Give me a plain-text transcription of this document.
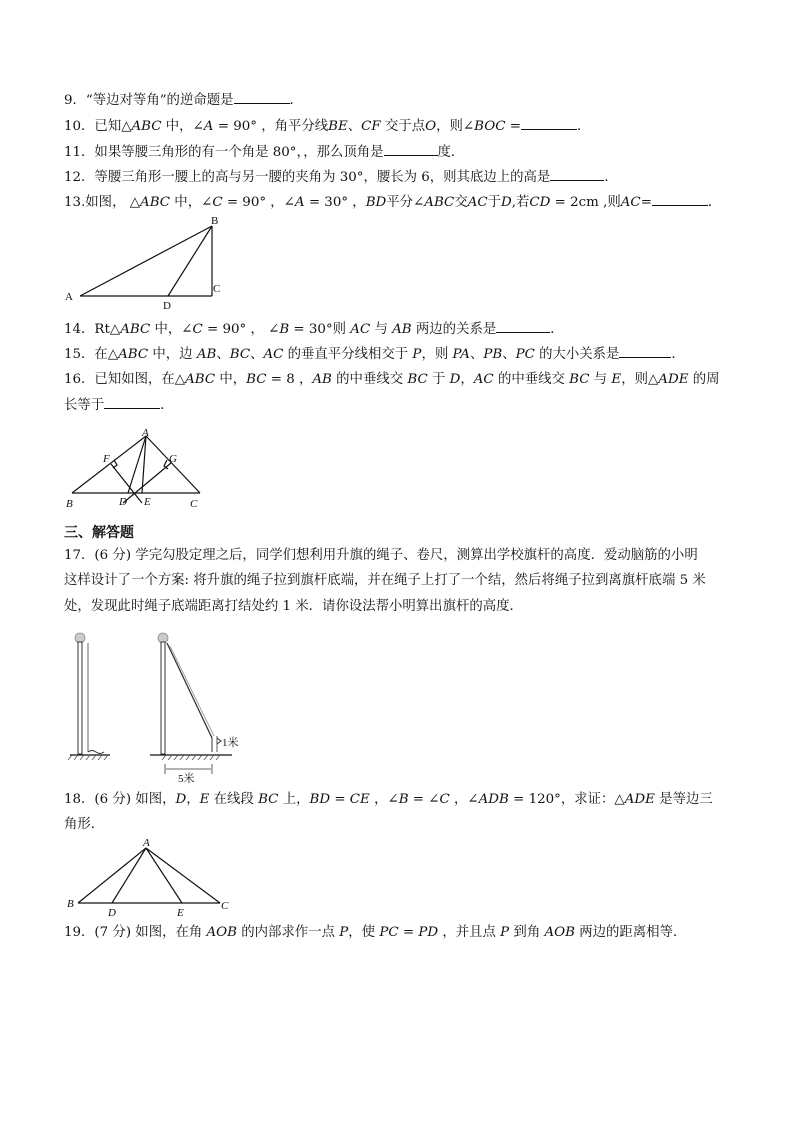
9．“等边对等角”的逆命题是	．
10．已知△ABC 中，∠A = 90° ，角平分线BE、CF 交于点O，则∠BOC =	．
11．如果等腰三角形的有一个角是 80°，，那么顶角是	度．
12．等腰三角形一腰上的高与另一腰的夹角为 30°，腰长为 6，则其底边上的高是	．
13.如图， △ABC 中，∠C = 90° ，∠A = 30° ，BD平分∠ABC交AC于D,若CD = 2cm ,则AC=	．
A
B
C
D
14．Rt△ABC 中，∠C = 90° ， ∠B = 30°则 AC 与 AB 两边的关系是	．
15．在△ABC 中，边 AB、BC、AC 的垂直平分线相交于 P，则 PA、PB、PC 的大小关系是	．
16．已知如图，在△ABC 中，BC = 8 ，AB 的中垂线交 BC 于 D，AC 的中垂线交 BC 与 E，则△ADE 的周
长等于	．
A
B	C
D E
F	G
三、解答题
17．(6 分) 学完勾股定理之后，同学们想利用升旗的绳子、卷尺，测算出学校旗杆的高度．爱动脑筋的小明
这样设计了一个方案: 将升旗的绳子拉到旗杆底端，并在绳子上打了一个结，然后将绳子拉到离旗杆底端 5 米
处，发现此时绳子底端距离打结处约 1 米．请你设法帮小明算出旗杆的高度．
1米
5米
18．(6 分) 如图，D，E 在线段 BC 上，BD = CE ，∠B = ∠C ，∠ADB = 120°，求证：△ADE 是等边三
角形．
A
B	C
D	E
19．(7 分) 如图，在角 AOB 的内部求作一点 P，使 PC = PD ，并且点 P 到角 AOB 两边的距离相等．
